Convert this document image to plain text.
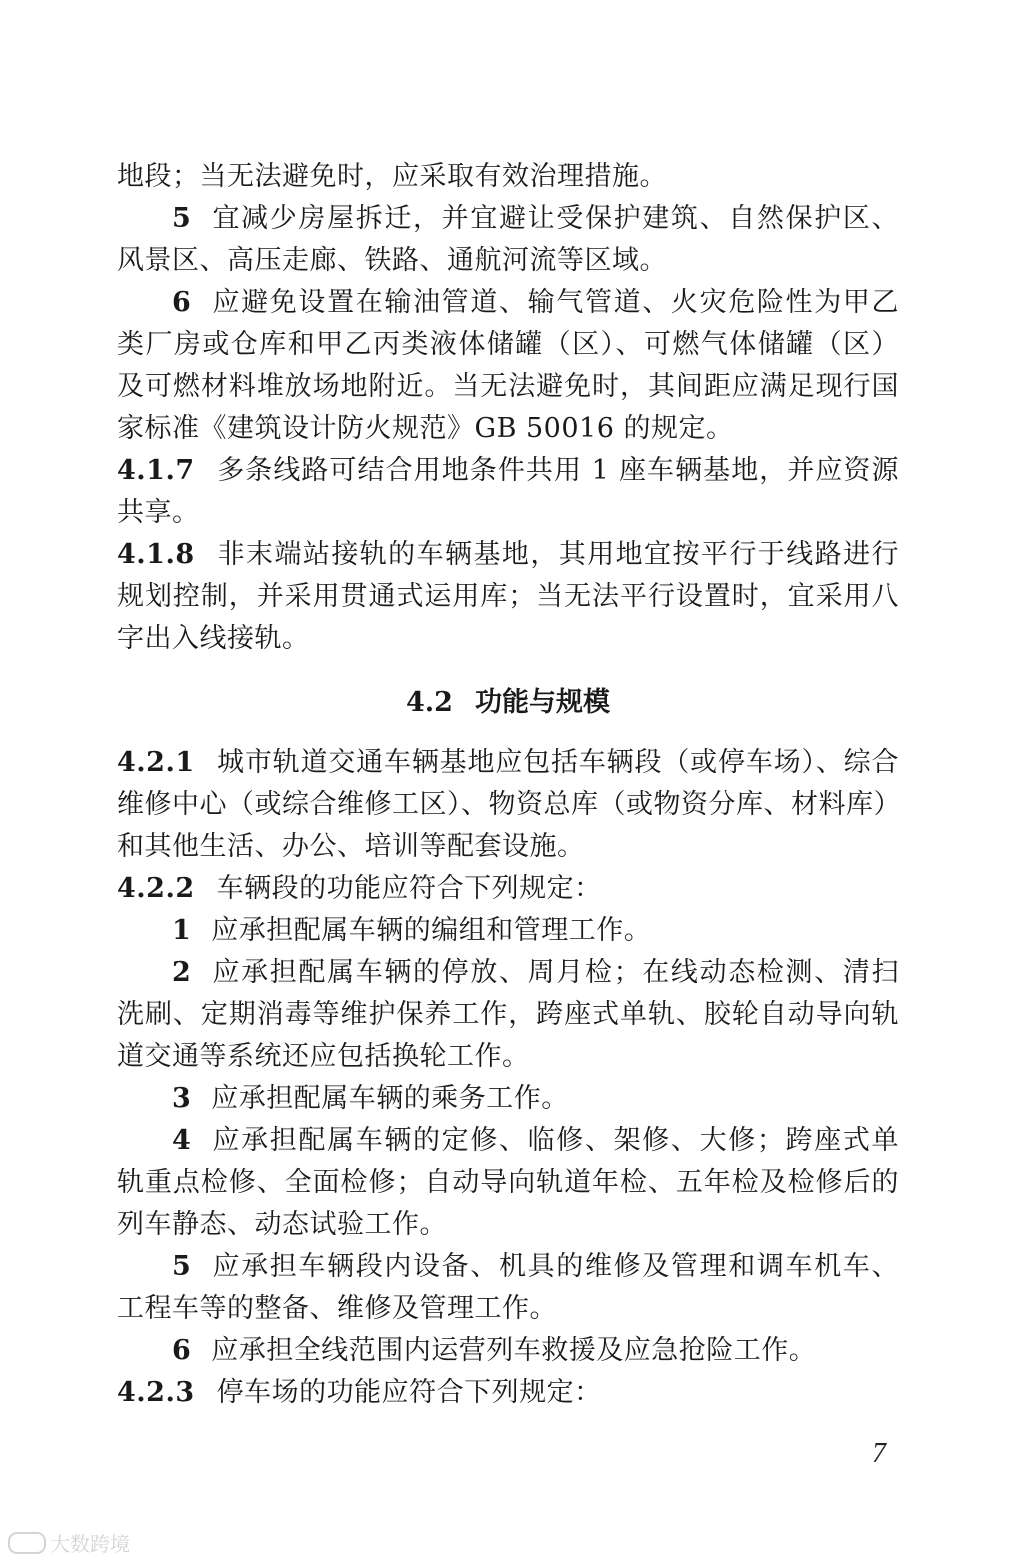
地段；当无法避免时，应采取有效治理措施。
5 宜减少房屋拆迁，并宜避让受保护建筑、自然保护区、
风景区、高压走廊、铁路、通航河流等区域。
6 应避免设置在输油管道、输气管道、火灾危险性为甲乙
类厂房或仓库和甲乙丙类液体储罐（区）、可燃气体储罐（区）
及可燃材料堆放场地附近。当无法避免时，其间距应满足现行国
家标准《建筑设计防火规范》GB 50016 的规定。
4.1.7 多条线路可结合用地条件共用 1 座车辆基地，并应资源
共享。
4.1.8 非末端站接轨的车辆基地，其用地宜按平行于线路进行
规划控制，并采用贯通式运用库；当无法平行设置时，宜采用八
字出入线接轨。
4.2 功能与规模
4.2.1 城市轨道交通车辆基地应包括车辆段（或停车场）、综合
维修中心（或综合维修工区）、物资总库（或物资分库、材料库）
和其他生活、办公、培训等配套设施。
4.2.2 车辆段的功能应符合下列规定：
1 应承担配属车辆的编组和管理工作。
2 应承担配属车辆的停放、周月检；在线动态检测、清扫
洗刷、定期消毒等维护保养工作，跨座式单轨、胶轮自动导向轨
道交通等系统还应包括换轮工作。
3 应承担配属车辆的乘务工作。
4 应承担配属车辆的定修、临修、架修、大修；跨座式单
轨重点检修、全面检修；自动导向轨道年检、五年检及检修后的
列车静态、动态试验工作。
5 应承担车辆段内设备、机具的维修及管理和调车机车、
工程车等的整备、维修及管理工作。
6 应承担全线范围内运营列车救援及应急抢险工作。
4.2.3 停车场的功能应符合下列规定：
7
大数跨境
